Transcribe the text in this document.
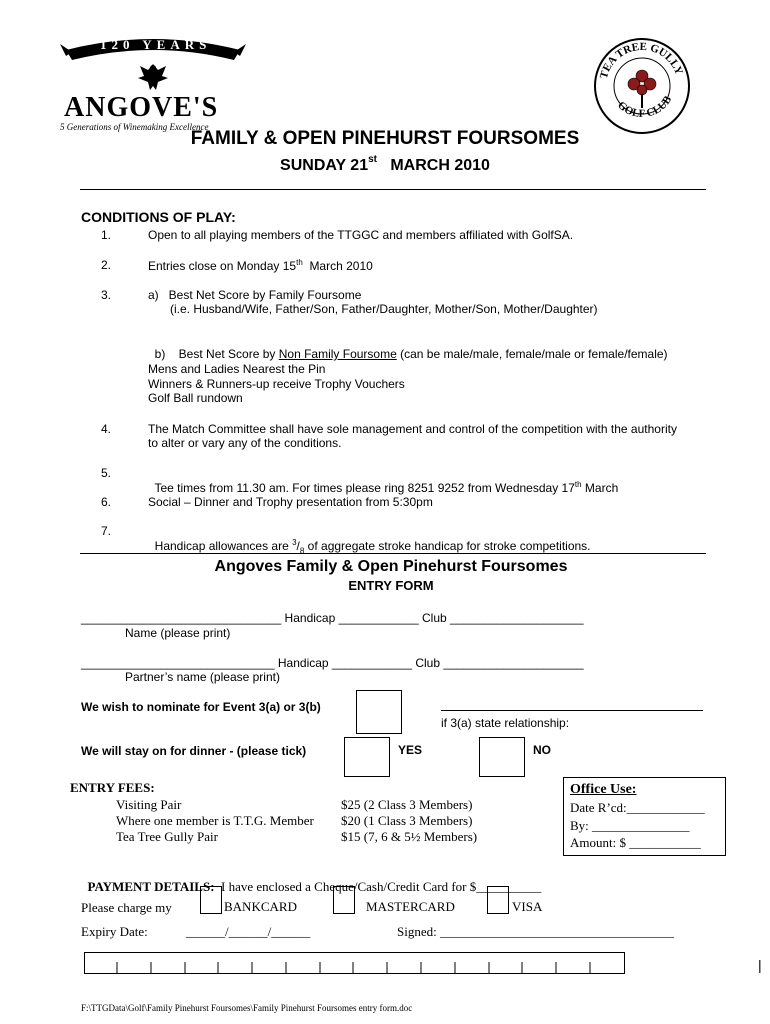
120 YEARS
ANGOVE'S
5 Generations of Winemaking Excellence
TEA TREE GULLY
GOLF CLUB
FAMILY & OPEN PINEHURST FOURSOMES
SUNDAY 21st MARCH 2010
CONDITIONS OF PLAY:
1.	Open to all playing members of the TTGGC and members affiliated with GolfSA.
2.	Entries close on Monday 15th March 2010
3.	a)   Best Net Score by Family Foursome
(i.e. Husband/Wife, Father/Son, Father/Daughter, Mother/Son, Mother/Daughter)

b)    Best Net Score by Non Family Foursome (can be male/male, female/male or female/female)

Mens and Ladies Nearest the Pin
Winners & Runners-up receive Trophy Vouchers
Golf Ball rundown
4.	The Match Committee shall have sole management and control of the competition with the authority
to alter or vary any of the conditions.
5.

Tee times from 11.30 am. For times please ring 8251 9252 from Wednesday 17th March

6.	Social – Dinner and Trophy presentation from 5:30pm
7.

Handicap allowances are $^3/_8$ of aggregate stroke handicap for stroke competitions.

Angoves Family & Open Pinehurst Foursomes
ENTRY FORM
______________________________ Handicap ____________ Club ____________________
Name (please print)
_____________________________ Handicap ____________ Club _____________________
Partner’s name (please print)
We wish to nominate for Event 3(a) or 3(b)
if 3(a) state relationship:
We will stay on for dinner - (please tick)	YES	NO
ENTRY FEES:
Visiting Pair	$25 (2 Class 3 Members)
Where one member is T.T.G. Member $20 (1 Class 3 Members)
Tea Tree Gully Pair	$15 (7, 6 & 5½ Members)
Office Use:
Date R’cd:____________
By: _______________
Amount: $ ___________

PAYMENT DETAILS: I have enclosed a Cheque/Cash/Credit Card for $__________

Please charge my	BANKCARD	MASTERCARD	VISA
Expiry Date:	______/______/______	Signed: ____________________________________
|
F:\TTGData\Golf\Family Pinehurst Foursomes\Family Pinehurst Foursomes entry form.doc
